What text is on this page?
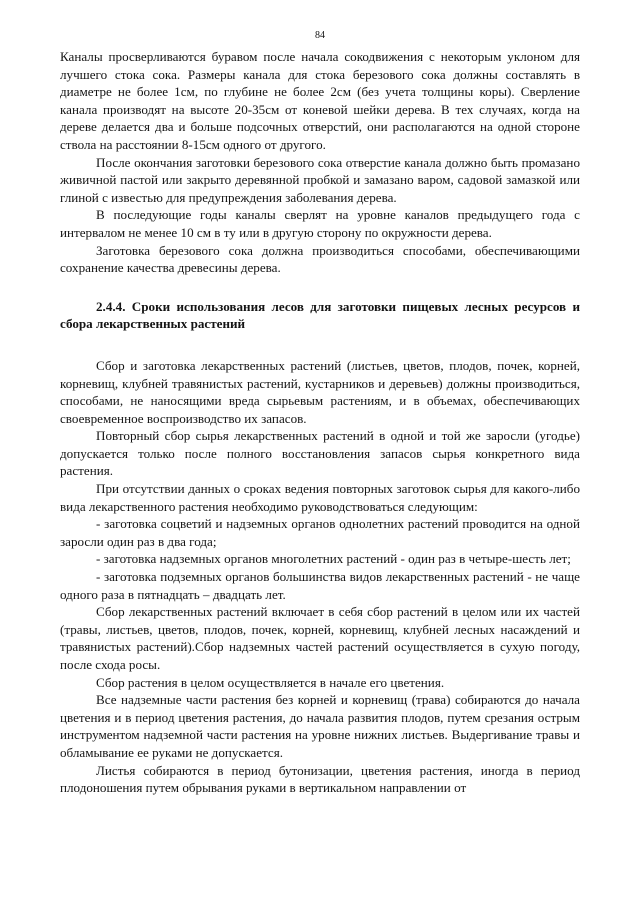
84

Каналы просверливаются буравом после начала сокодвижения с некоторым уклоном для лучшего стока сока. Размеры канала для стока березового сока должны составлять в диаметре не более 1см, по глубине не более 2см (без учета толщины коры). Сверление канала производят на высоте 20-35см от коневой шейки дерева. В тех случаях, когда на дереве делается два и больше подсочных отверстий, они располагаются на одной стороне ствола на расстоянии 8-15см одного от другого.

После окончания заготовки березового сока отверстие канала должно быть промазано живичной пастой или закрыто деревянной пробкой и замазано варом, садовой замазкой или глиной с известью для предупреждения заболевания дерева.

В последующие годы каналы сверлят на уровне каналов предыдущего года с интервалом не менее 10 см в ту или в другую сторону по окружности дерева.

Заготовка березового сока должна производиться способами, обеспечивающими сохранение качества древесины дерева.

2.4.4. Сроки использования лесов для заготовки пищевых лесных ресурсов и сбора лекарственных растений

Сбор и заготовка лекарственных растений (листьев, цветов, плодов, почек, корней, корневищ, клубней травянистых растений, кустарников и деревьев) должны производиться, способами, не наносящими вреда сырьевым растениям, и в объемах, обеспечивающих своевременное воспроизводство их запасов.

Повторный сбор сырья лекарственных растений в одной и той же заросли (угодье) допускается только после полного восстановления запасов сырья конкретного вида растения.

При отсутствии данных о сроках ведения повторных заготовок сырья для какого-либо вида лекарственного растения необходимо руководствоваться следующим:

- заготовка соцветий и надземных органов однолетних растений проводится на одной заросли один раз в два года;

- заготовка надземных органов многолетних растений - один раз в четыре-шесть лет;

- заготовка подземных органов большинства видов лекарственных растений - не чаще одного раза в пятнадцать – двадцать лет.

Сбор лекарственных растений включает в себя сбор растений в целом или их частей (травы, листьев, цветов, плодов, почек, корней, корневищ, клубней лесных насаждений и травянистых растений).Сбор надземных частей растений осуществляется в сухую погоду, после схода росы.

Сбор растения в целом осуществляется в начале его цветения.

Все надземные части растения без корней и корневищ (трава) собираются до начала цветения и в период цветения растения, до начала развития плодов, путем срезания острым инструментом надземной части растения на уровне нижних листьев. Выдергивание травы и обламывание ее руками не допускается.

Листья собираются в период бутонизации, цветения растения, иногда в период плодоношения путем обрывания руками в вертикальном направлении от
